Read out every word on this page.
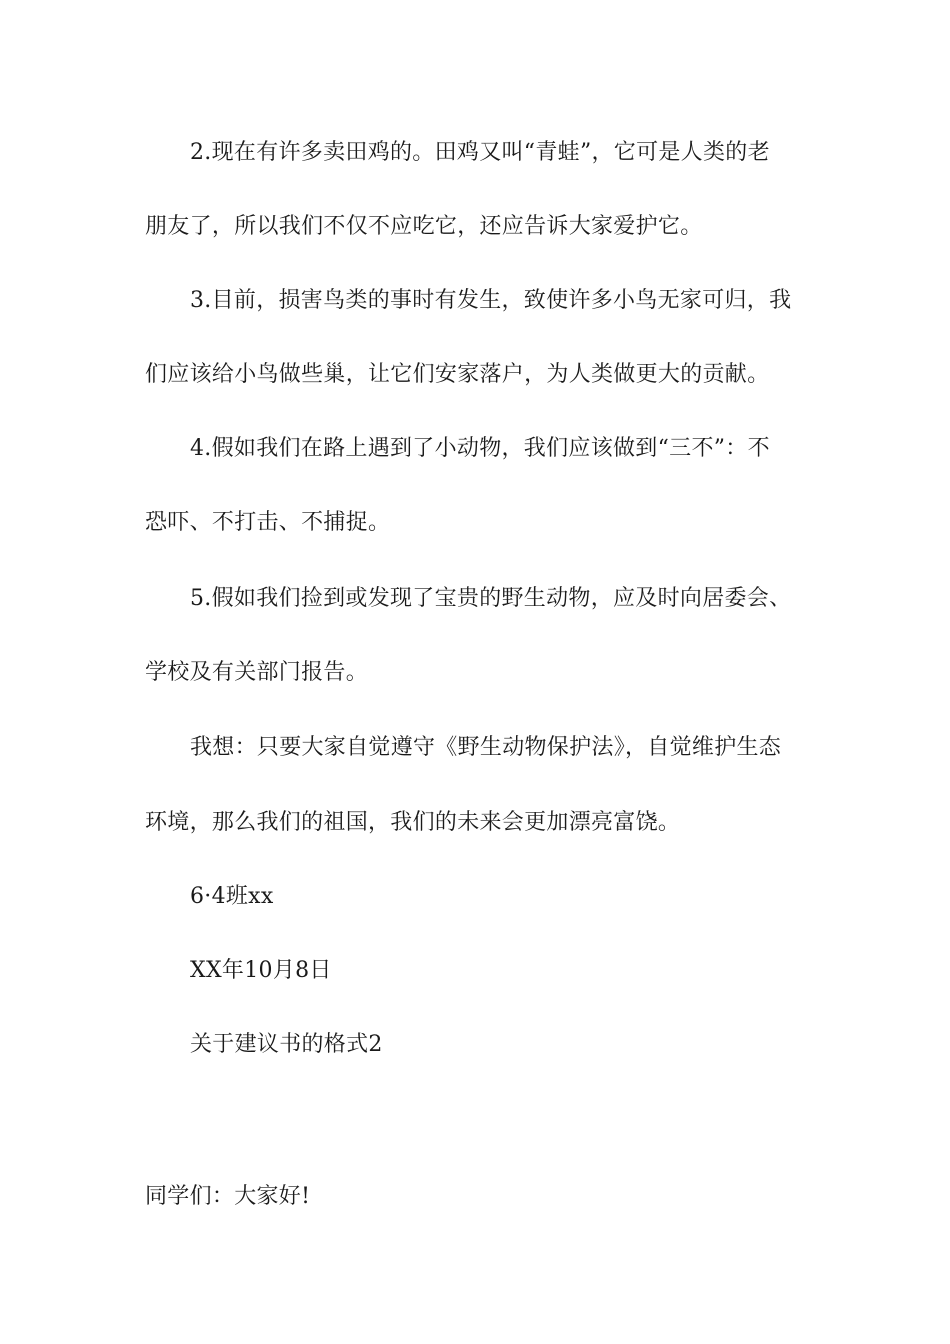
2.现在有许多卖田鸡的。田鸡又叫“青蛙”，它可是人类的老
朋友了，所以我们不仅不应吃它，还应告诉大家爱护它。
3.目前，损害鸟类的事时有发生，致使许多小鸟无家可归，我
们应该给小鸟做些巢，让它们安家落户，为人类做更大的贡献。
4.假如我们在路上遇到了小动物，我们应该做到“三不”：不
恐吓、不打击、不捕捉。
5.假如我们捡到或发现了宝贵的野生动物，应及时向居委会、
学校及有关部门报告。
我想：只要大家自觉遵守《野生动物保护法》，自觉维护生态
环境，那么我们的祖国，我们的未来会更加漂亮富饶。
6·4班xx
XX年10月8日
关于建议书的格式2
同学们：大家好!
